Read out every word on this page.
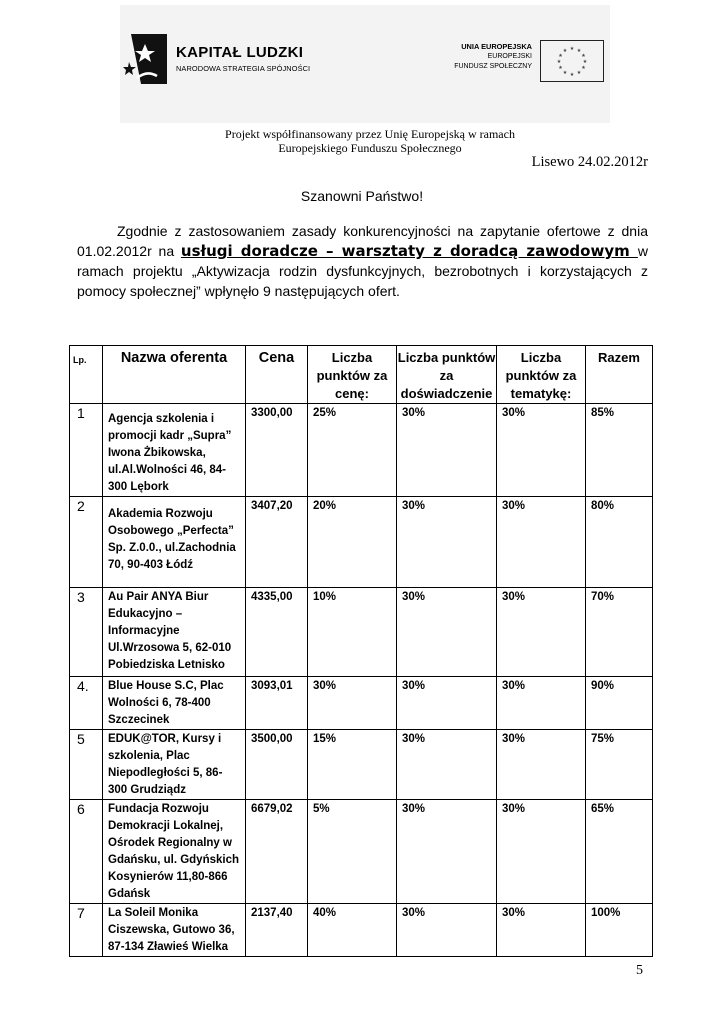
KAPITAŁ LUDZKI
NARODOWA STRATEGIA SPÓJNOŚCI
UNIA EUROPEJSKA
EUROPEJSKI
FUNDUSZ SPOŁECZNY
★ ★
★
★
★
★
★
★
★
★
★
★
Projekt współfinansowany przez Unię Europejską w ramach
Europejskiego Funduszu Społecznego
Lisewo 24.02.2012r
Szanowni Państwo!
Zgodnie z zastosowaniem zasady konkurencyjności na zapytanie ofertowe z dnia 01.02.2012r na usługi doradcze – warsztaty z doradcą zawodowym w ramach projektu „Aktywizacja rodzin dysfunkcyjnych, bezrobotnych i korzystających z pomocy społecznej” wpłynęło 9 następujących ofert.
Lp.	Nazwa oferenta	Cena	Liczba punktów za cenę:	Liczba punktów za doświadczenie	Liczba punktów za tematykę:	Razem
1	Agencja szkolenia i promocji kadr „Supra” Iwona Żbikowska, ul.Al.Wolności 46, 84-300 Lębork	3300,00	25%	30%	30%	85%
2	Akademia Rozwoju Osobowego „Perfecta” Sp. Z.0.0., ul.Zachodnia 70, 90-403 Łódź	3407,20	20%	30%	30%	80%
3	Au Pair ANYA Biur Edukacyjno – Informacyjne Ul.Wrzosowa 5, 62-010 Pobiedziska Letnisko	4335,00	10%	30%	30%	70%
4.	Blue House S.C, Plac Wolności 6, 78-400 Szczecinek	3093,01	30%	30%	30%	90%
5	EDUK@TOR, Kursy i szkolenia, Plac Niepodległości 5, 86-300 Grudziądz	3500,00	15%	30%	30%	75%
6	Fundacja Rozwoju Demokracji Lokalnej, Ośrodek Regionalny w Gdańsku, ul. Gdyńskich Kosynierów 11,80-866 Gdańsk	6679,02	5%	30%	30%	65%
7	La Soleil Monika Ciszewska, Gutowo 36, 87-134 Zławieś Wielka	2137,40	40%	30%	30%	100%
5
